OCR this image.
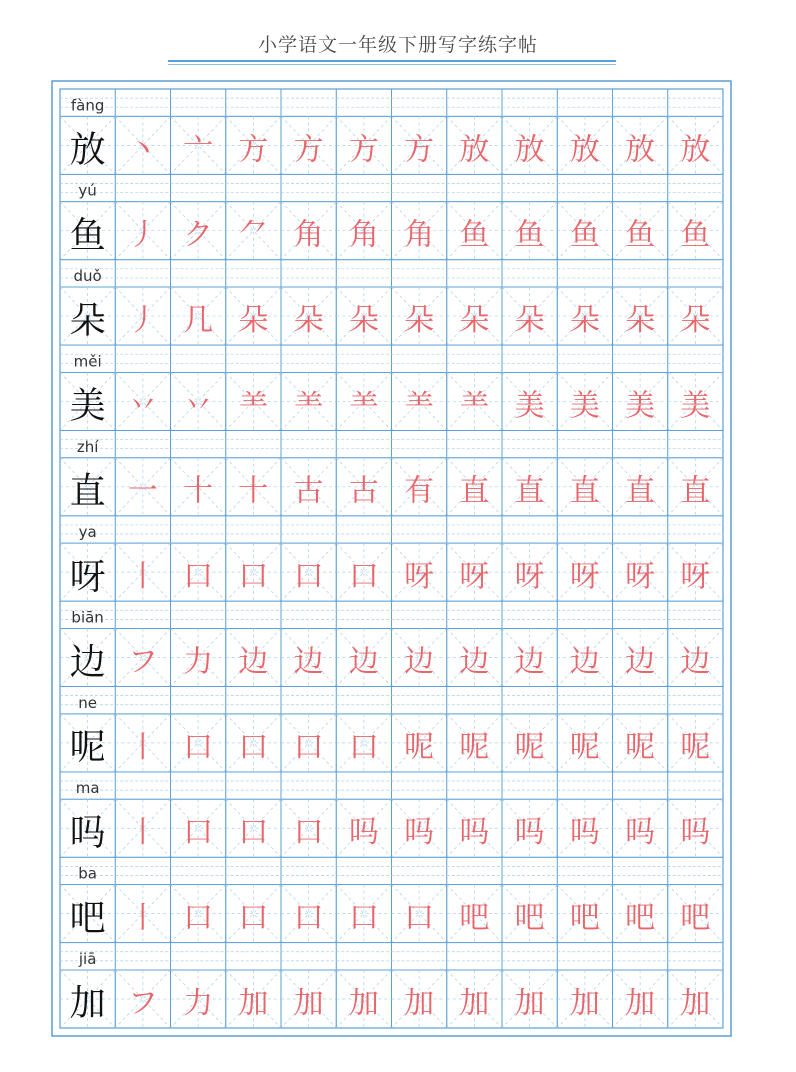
小学语文一年级下册写字练字帖
fàng
放 丶 亠 方 方 方 方 放 放 放 放 放
yú
鱼 丿 ク ⺈ 角 角 角 鱼 鱼 鱼 鱼 鱼
duǒ
朵 丿 几 朵 朵 朵 朵 朵 朵 朵 朵 朵
měi
美 丷 丷 ⺷ ⺷ ⺷ ⺷ ⺷ 美 美 美 美
zhí
直 一 十 十 古 古 有 直 直 直 直 直
ya
呀 丨 口 口 口 口 呀 呀 呀 呀 呀 呀
biān
边 フ 力 边 边 边 边 边 边 边 边 边
ne
呢 丨 口 口 口 口 呢 呢 呢 呢 呢 呢
ma
吗 丨 口 口 口 吗 吗 吗 吗 吗 吗 吗
ba
吧 丨 口 口 口 口 口 吧 吧 吧 吧 吧
jiā
加 フ 力 加 加 加 加 加 加 加 加 加
